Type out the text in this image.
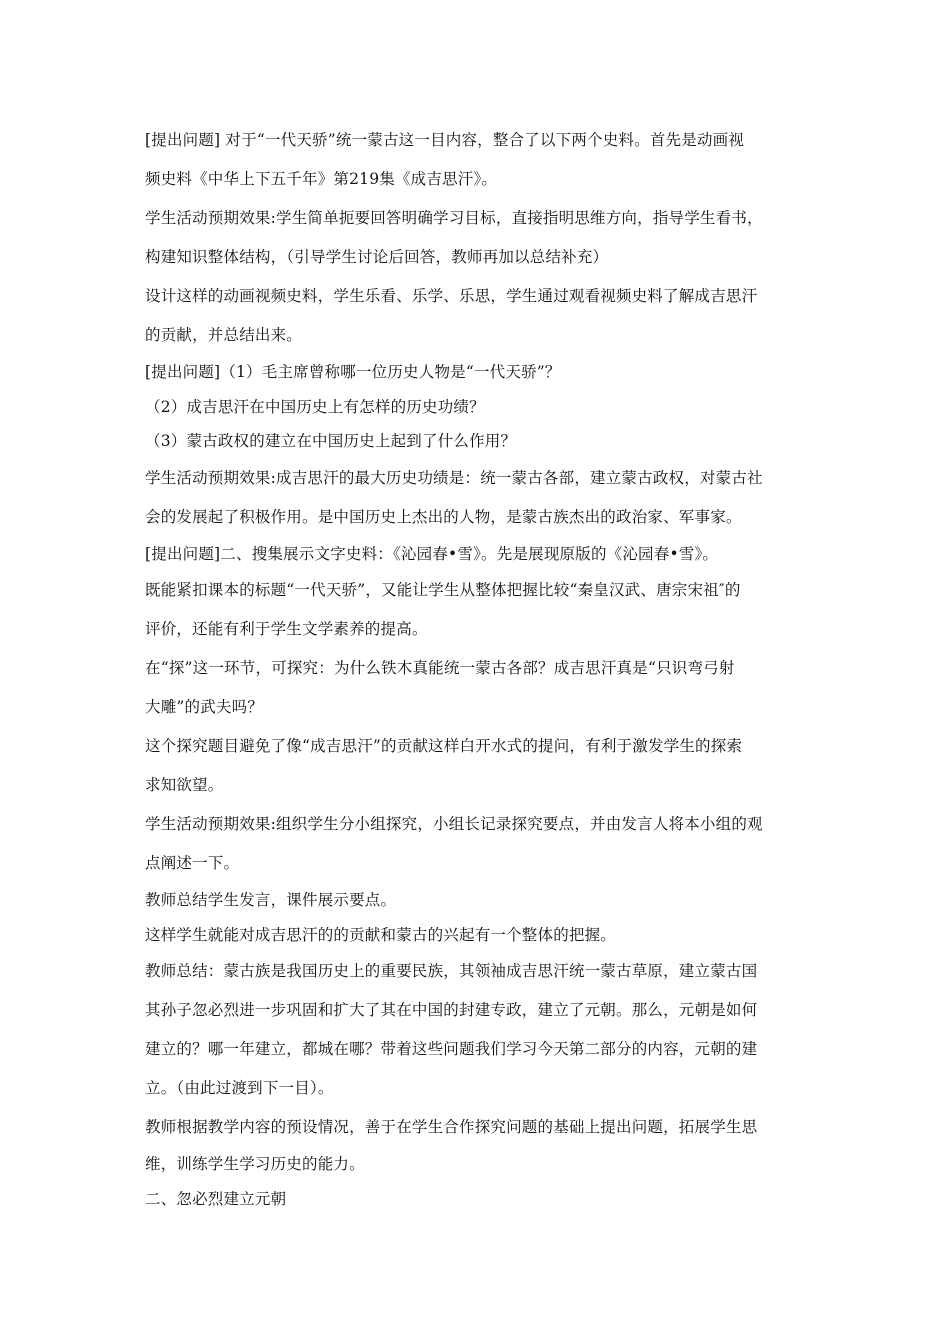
[提出问题] 对于“一代天骄”统一蒙古这一目内容，整合了以下两个史料。首先是动画视
频史料《中华上下五千年》第219集《成吉思汗》。
学生活动预期效果:学生简单扼要回答明确学习目标，直接指明思维方向，指导学生看书，
构建知识整体结构，（引导学生讨论后回答，教师再加以总结补充）
设计这样的动画视频史料，学生乐看、乐学、乐思，学生通过观看视频史料了解成吉思汗
的贡献，并总结出来。
[提出问题]（1）毛主席曾称哪一位历史人物是“一代天骄”？
（2）成吉思汗在中国历史上有怎样的历史功绩？
（3）蒙古政权的建立在中国历史上起到了什么作用？
学生活动预期效果:成吉思汗的最大历史功绩是：统一蒙古各部，建立蒙古政权，对蒙古社
会的发展起了积极作用。是中国历史上杰出的人物，是蒙古族杰出的政治家、军事家。
[提出问题]二、搜集展示文字史料：《沁园春•雪》。先是展现原版的《沁园春•雪》。
既能紧扣课本的标题“一代天骄”，又能让学生从整体把握比较“秦皇汉武、唐宗宋祖″的
评价，还能有利于学生文学素养的提高。
在“探”这一环节，可探究：为什么铁木真能统一蒙古各部？成吉思汗真是“只识弯弓射
大雕”的武夫吗？
这个探究题目避免了像“成吉思汗”的贡献这样白开水式的提问，有利于激发学生的探索
求知欲望。
学生活动预期效果:组织学生分小组探究，小组长记录探究要点，并由发言人将本小组的观
点阐述一下。
教师总结学生发言，课件展示要点。
这样学生就能对成吉思汗的的贡献和蒙古的兴起有一个整体的把握。
教师总结：蒙古族是我国历史上的重要民族，其领袖成吉思汗统一蒙古草原，建立蒙古国
其孙子忽必烈进一步巩固和扩大了其在中国的封建专政，建立了元朝。那么，元朝是如何
建立的？哪一年建立，都城在哪？带着这些问题我们学习今天第二部分的内容，元朝的建
立。（由此过渡到下一目）。
教师根据教学内容的预设情况，善于在学生合作探究问题的基础上提出问题，拓展学生思
维，训练学生学习历史的能力。
二、忽必烈建立元朝
